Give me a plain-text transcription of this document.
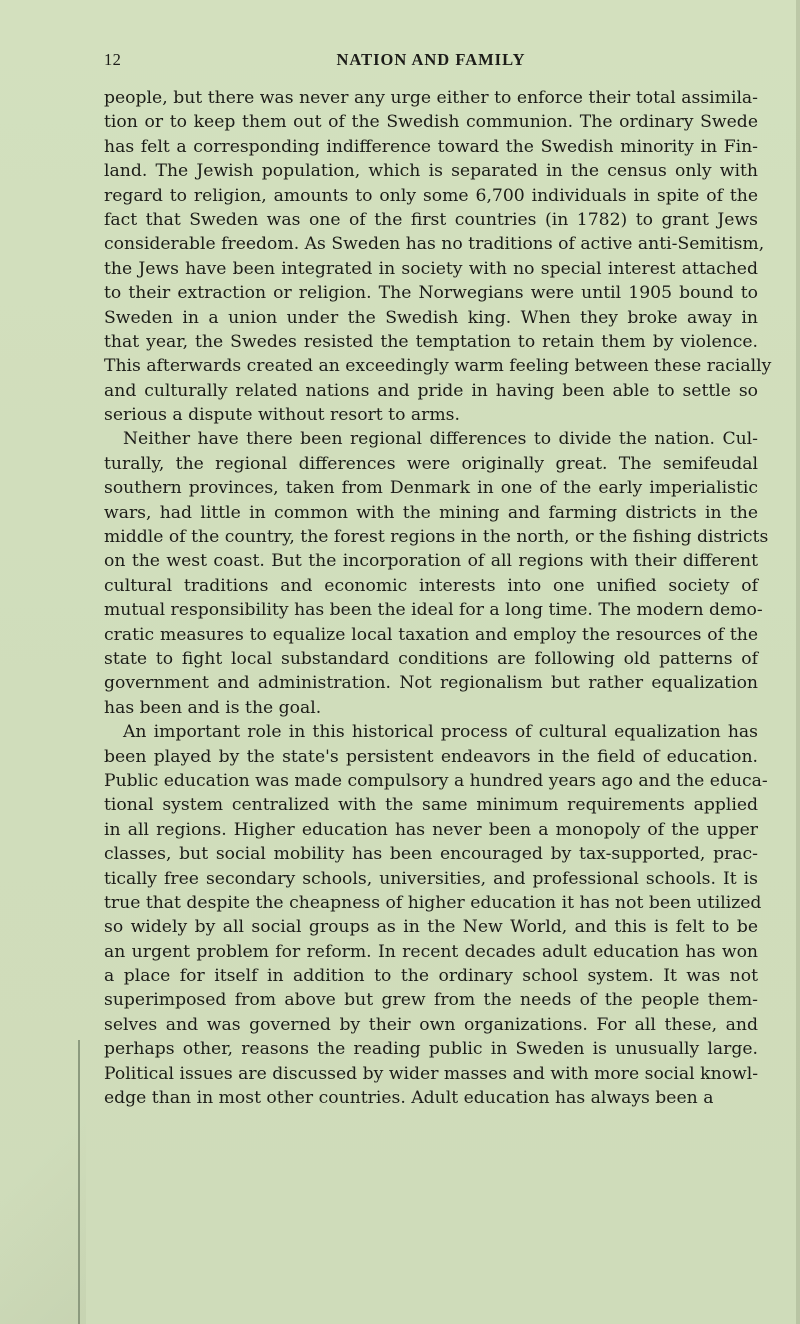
12	NATION AND FAMILY
people, but there was never any urge either to enforce their total assimila-
tion or to keep them out of the Swedish communion. The ordinary Swede
has felt a corresponding indifference toward the Swedish minority in Fin-
land. The Jewish population, which is separated in the census only with
regard to religion, amounts to only some 6,700 individuals in spite of the
fact that Sweden was one of the first countries (in 1782) to grant Jews
considerable freedom. As Sweden has no traditions of active anti-Semitism,
the Jews have been integrated in society with no special interest attached
to their extraction or religion. The Norwegians were until 1905 bound to
Sweden in a union under the Swedish king. When they broke away in
that year, the Swedes resisted the temptation to retain them by violence.
This afterwards created an exceedingly warm feeling between these racially
and culturally related nations and pride in having been able to settle so
serious a dispute without resort to arms.
Neither have there been regional differences to divide the nation. Cul-
turally, the regional differences were originally great. The semifeudal
southern provinces, taken from Denmark in one of the early imperialistic
wars, had little in common with the mining and farming districts in the
middle of the country, the forest regions in the north, or the fishing districts
on the west coast. But the incorporation of all regions with their different
cultural traditions and economic interests into one unified society of
mutual responsibility has been the ideal for a long time. The modern demo-
cratic measures to equalize local taxation and employ the resources of the
state to fight local substandard conditions are following old patterns of
government and administration. Not regionalism but rather equalization
has been and is the goal.
An important role in this historical process of cultural equalization has
been played by the state's persistent endeavors in the field of education.
Public education was made compulsory a hundred years ago and the educa-
tional system centralized with the same minimum requirements applied
in all regions. Higher education has never been a monopoly of the upper
classes, but social mobility has been encouraged by tax-supported, prac-
tically free secondary schools, universities, and professional schools. It is
true that despite the cheapness of higher education it has not been utilized
so widely by all social groups as in the New World, and this is felt to be
an urgent problem for reform. In recent decades adult education has won
a place for itself in addition to the ordinary school system. It was not
superimposed from above but grew from the needs of the people them-
selves and was governed by their own organizations. For all these, and
perhaps other, reasons the reading public in Sweden is unusually large.
Political issues are discussed by wider masses and with more social knowl-
edge than in most other countries. Adult education has always been a
